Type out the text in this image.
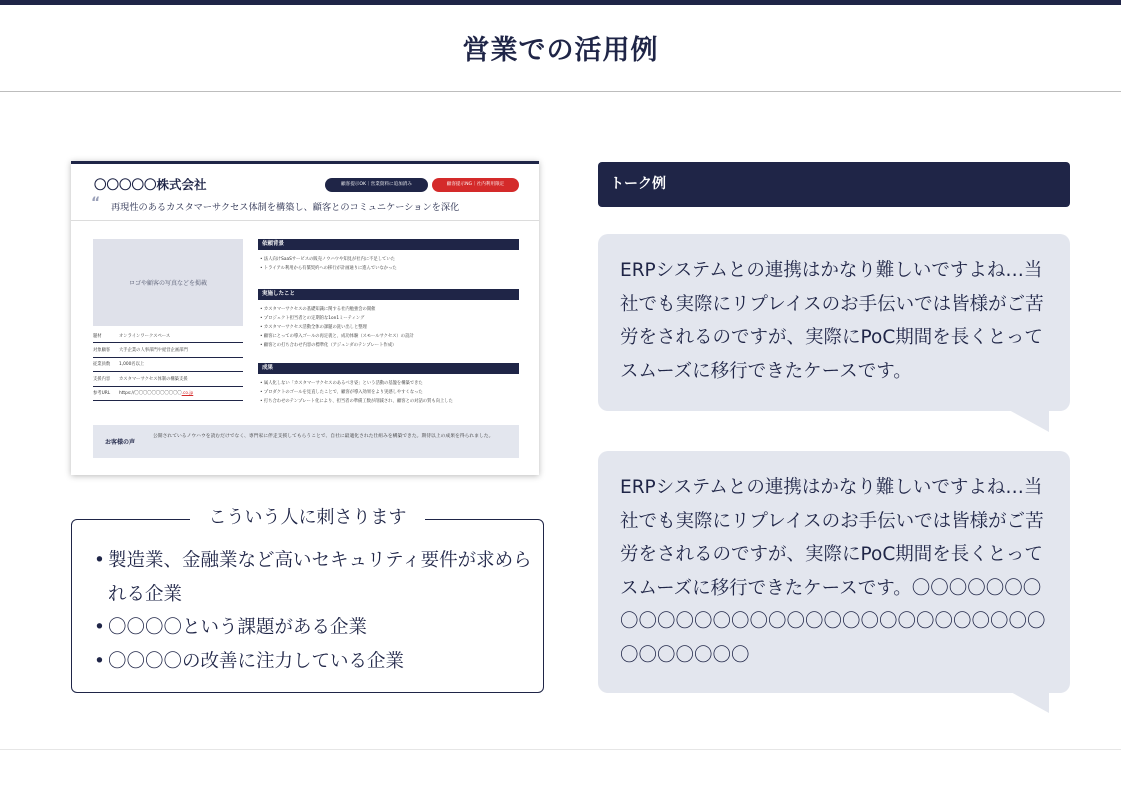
営業での活用例
〇〇〇〇〇株式会社	顧客提示OK｜営業資料に追加済み	顧客提示NG｜社内利用限定
“ 再現性のあるカスタマーサクセス体制を構築し、顧客とのコミュニケーションを深化
ロゴや顧客の写真などを掲載
題材	オンラインワークスペース
対象顧客	大手企業の人事部門や経営企画部門
従業員数	1,000名以上
支援内容	カスタマーサクセス体制の構築支援
参考URL	https://〇〇〇〇〇〇〇〇〇〇〇.co.jp
依頼背景
• 法人向けSaaSサービスの販売ノウハウや知見が社内に不足していた
• トライアル利用から有償契約への移行が計画通りに進んでいなかった
実施したこと
• カスタマーサクセスの基礎知識に関する社内勉強会の開催
• プロジェクト担当者との定期的な1on1ミーティング
• カスタマーサクセス活動全体の課題の洗い出しと整理
• 顧客にとっての導入ゴールの再定義と、成功体験（スモールサクセス）の設計
• 顧客との打ち合わせ内容の標準化（アジェンダのテンプレート作成）
成果
• 属人化しない「カスタマーサクセスのあるべき姿」という活動の基盤を構築できた
• プロダクトのゴールを見直したことで、顧客が導入効果をより実感しやすくなった
• 打ち合わせのテンプレート化により、担当者の準備工数が削減され、顧客との対話の質も向上した
お客様の声
公開されているノウハウを読むだけでなく、専門家に伴走支援してもらうことで、自社に最適化された仕組みを構築できた。期待以上の成果を得られました。
こういう人に刺さります
• 製造業、金融業など高いセキュリティ要件が求められる企業
• 〇〇〇〇という課題がある企業
• 〇〇〇〇の改善に注力している企業
トーク例

ERPシステムとの連携はかなり難しいですよね…当社でも実際にリプレイスのお手伝いでは皆様がご苦労をされるのですが、実際にPoC期間を長くとってスムーズに移行できたケースです。

ERPシステムとの連携はかなり難しいですよね…当社でも実際にリプレイスのお手伝いでは皆様がご苦労をされるのですが、実際にPoC期間を長くとってスムーズに移行できたケースです。〇〇〇〇〇〇〇〇〇〇〇〇〇〇〇〇〇〇〇〇〇〇〇〇〇〇〇〇〇〇〇〇〇〇〇〇〇
